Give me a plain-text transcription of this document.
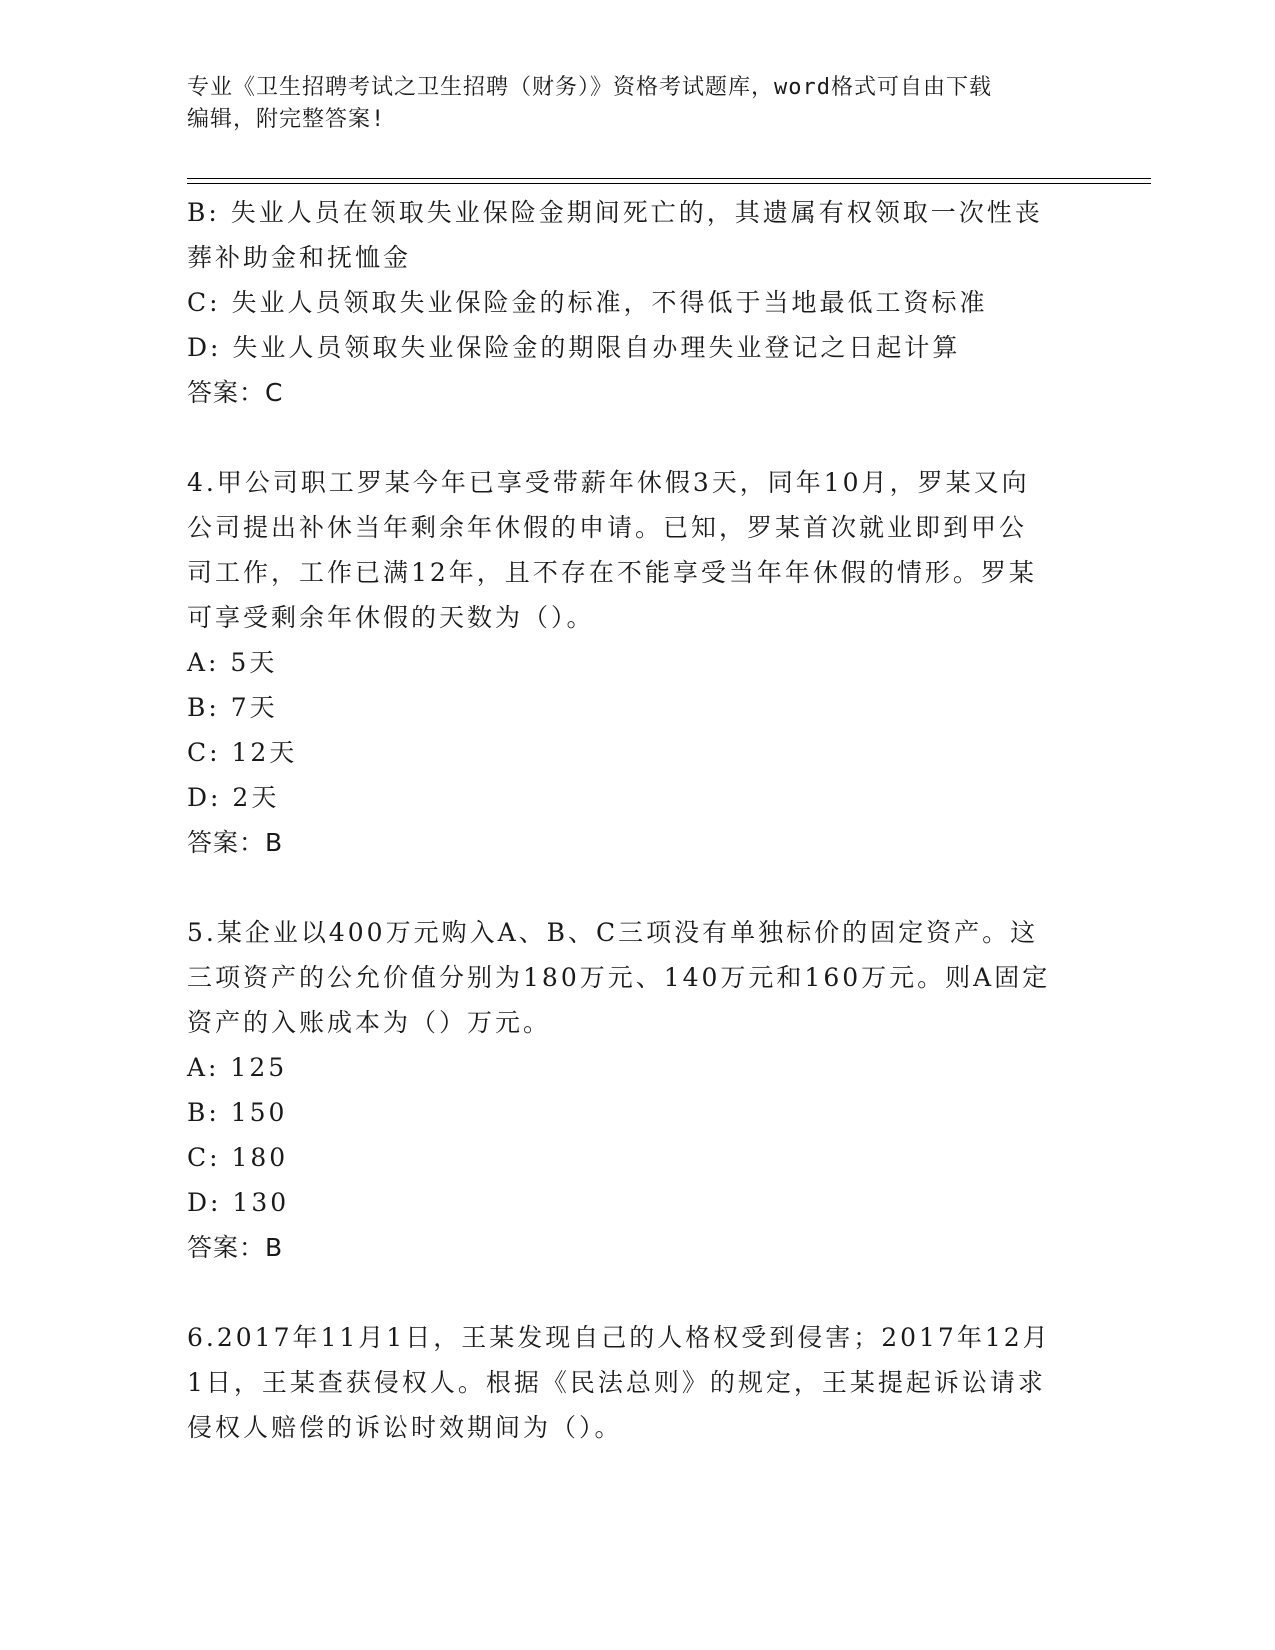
专业《卫生招聘考试之卫生招聘（财务）》资格考试题库，word格式可自由下载
编辑，附完整答案!
B: 失业人员在领取失业保险金期间死亡的，其遗属有权领取一次性丧
葬补助金和抚恤金
C: 失业人员领取失业保险金的标准，不得低于当地最低工资标准
D: 失业人员领取失业保险金的期限自办理失业登记之日起计算
答案：C
4.甲公司职工罗某今年已享受带薪年休假3天，同年10月，罗某又向
公司提出补休当年剩余年休假的申请。已知，罗某首次就业即到甲公
司工作，工作已满12年，且不存在不能享受当年年休假的情形。罗某
可享受剩余年休假的天数为（）。
A: 5天
B: 7天
C: 12天
D: 2天
答案：B
5.某企业以400万元购入A、B、C三项没有单独标价的固定资产。这
三项资产的公允价值分别为180万元、140万元和160万元。则A固定
资产的入账成本为（）万元。
A: 125
B: 150
C: 180
D: 130
答案：B
6.2017年11月1日，王某发现自己的人格权受到侵害；2017年12月
1日，王某查获侵权人。根据《民法总则》的规定，王某提起诉讼请求
侵权人赔偿的诉讼时效期间为（）。
